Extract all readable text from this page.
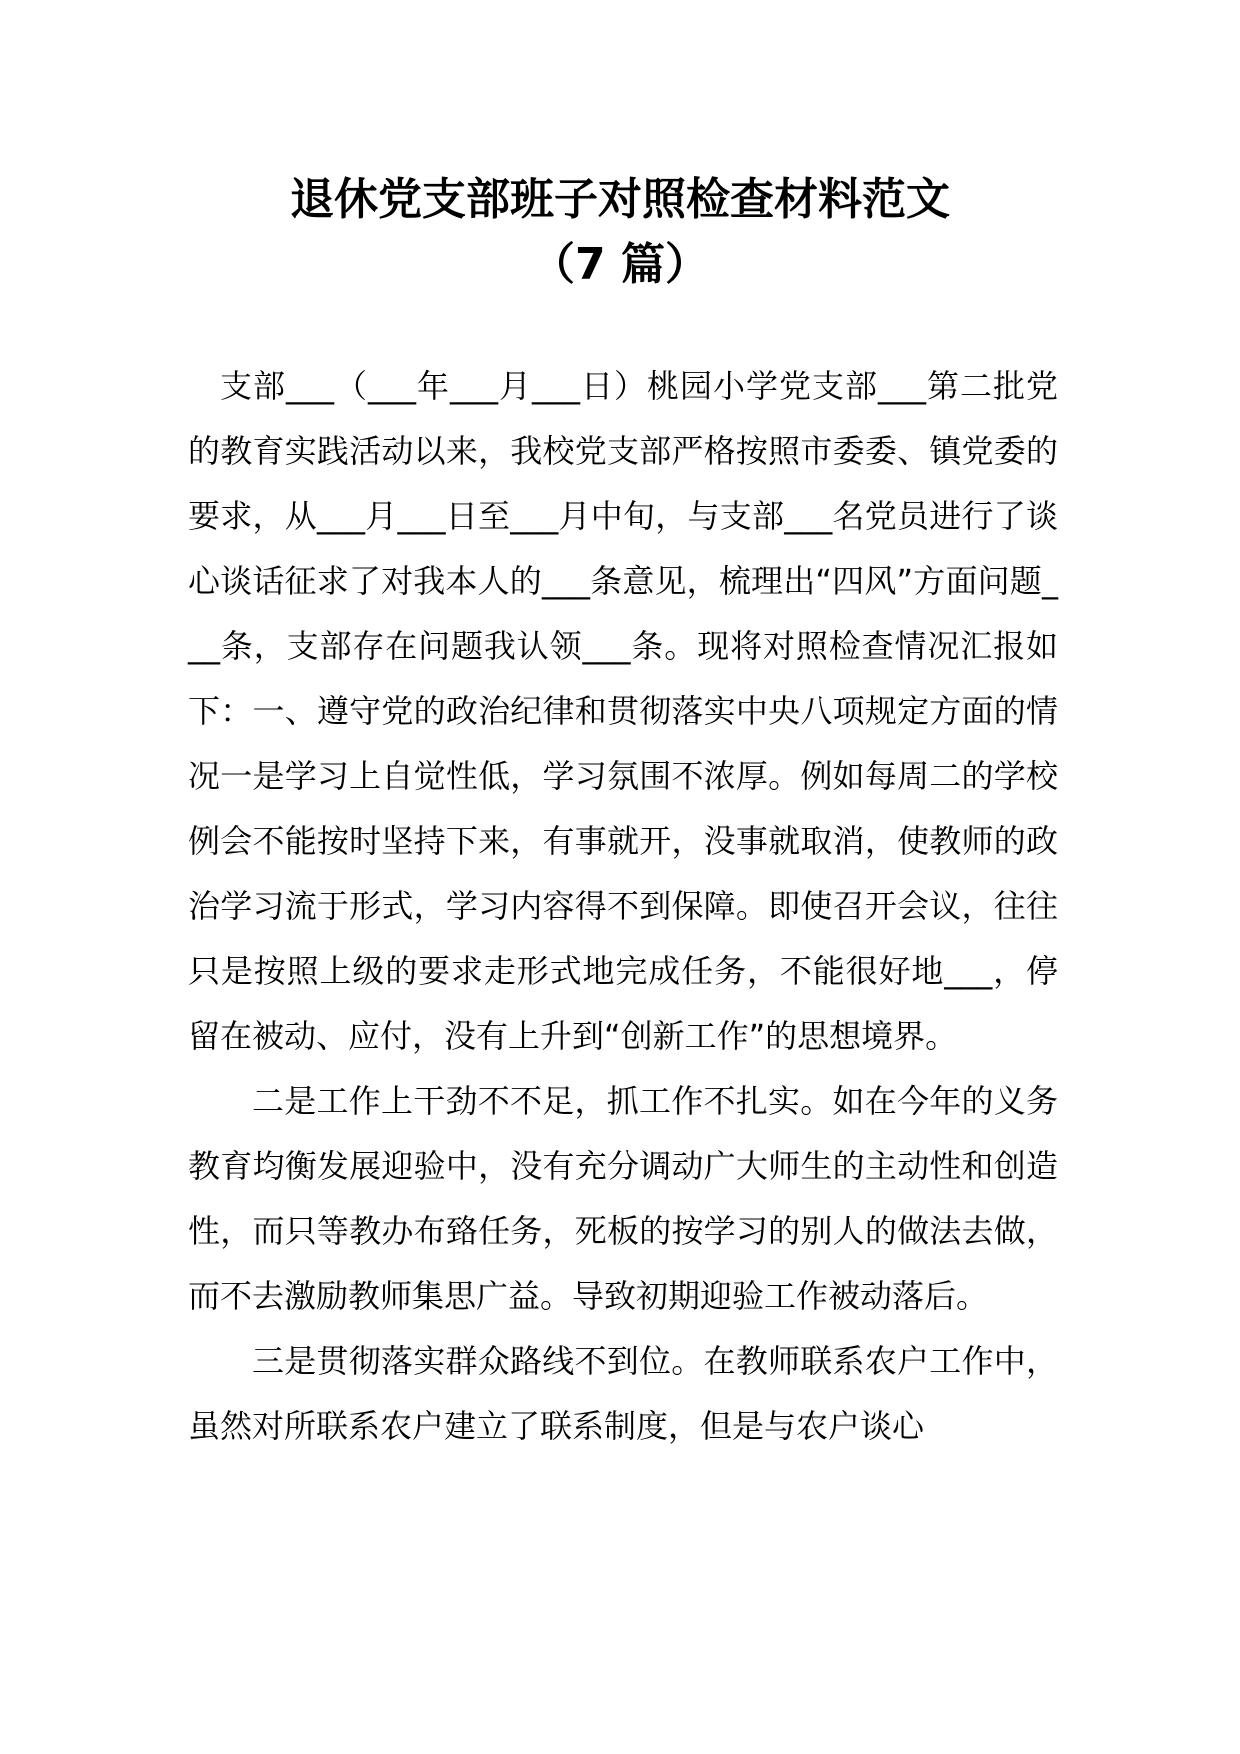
退休党支部班子对照检查材料范文
（7 篇）

支部___（___年___月___日）桃园小学党支部___第二批党的教育实践活动以来，我校党支部严格按照市委委、镇党委的要求，从___月___日至___月中旬，与支部___名党员进行了谈心谈话征求了对我本人的___条意见，梳理出“四风”方面问题___条，支部存在问题我认领___条。现将对照检查情况汇报如下：一、遵守党的政治纪律和贯彻落实中央八项规定方面的情况一是学习上自觉性低，学习氛围不浓厚。例如每周二的学校例会不能按时坚持下来，有事就开，没事就取消，使教师的政治学习流于形式，学习内容得不到保障。即使召开会议，往往只是按照上级的要求走形式地完成任务，不能很好地___，停留在被动、应付，没有上升到“创新工作”的思想境界。

二是工作上干劲不不足，抓工作不扎实。如在今年的义务教育均衡发展迎验中，没有充分调动广大师生的主动性和创造性，而只等教办布臵任务，死板的按学习的别人的做法去做，而不去激励教师集思广益。导致初期迎验工作被动落后。

三是贯彻落实群众路线不到位。在教师联系农户工作中，虽然对所联系农户建立了联系制度，但是与农户谈心
